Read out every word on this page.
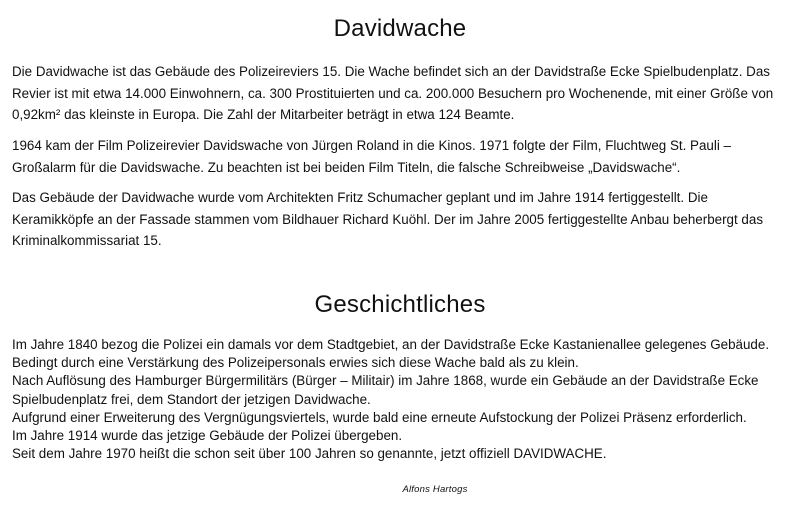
Davidwache

Die Davidwache ist das Gebäude des Polizeireviers 15. Die Wache befindet sich an der Davidstraße Ecke Spielbudenplatz. Das Revier ist mit etwa 14.000 Einwohnern, ca. 300 Prostituierten und ca. 200.000 Besuchern pro Wochenende, mit einer Größe von 0,92km² das kleinste in Europa. Die Zahl der Mitarbeiter beträgt in etwa 124 Beamte.

1964 kam der Film Polizeirevier Davidswache von Jürgen Roland in die Kinos. 1971 folgte der Film, Fluchtweg St. Pauli – Großalarm für die Davidswache. Zu beachten ist bei beiden Film Titeln, die falsche Schreibweise „Davidswache“.

Das Gebäude der Davidwache wurde vom Architekten Fritz Schumacher geplant und im Jahre 1914 fertiggestellt. Die Keramikköpfe an der Fassade stammen vom Bildhauer Richard Kuöhl. Der im Jahre 2005 fertiggestellte Anbau beherbergt das Kriminalkommissariat 15.

Geschichtliches
Im Jahre 1840 bezog die Polizei ein damals vor dem Stadtgebiet, an der Davidstraße Ecke Kastanienallee gelegenes Gebäude.
Bedingt durch eine Verstärkung des Polizeipersonals erwies sich diese Wache bald als zu klein.
Nach Auflösung des Hamburger Bürgermilitärs (Bürger – Militair) im Jahre 1868, wurde ein Gebäude an der Davidstraße Ecke
Spielbudenplatz frei, dem Standort der jetzigen Davidwache.
Aufgrund einer Erweiterung des Vergnügungsviertels, wurde bald eine erneute Aufstockung der Polizei Präsenz erforderlich.
Im Jahre 1914 wurde das jetzige Gebäude der Polizei übergeben.
Seit dem Jahre 1970 heißt die schon seit über 100 Jahren so genannte, jetzt offiziell DAVIDWACHE.
Alfons Hartogs
